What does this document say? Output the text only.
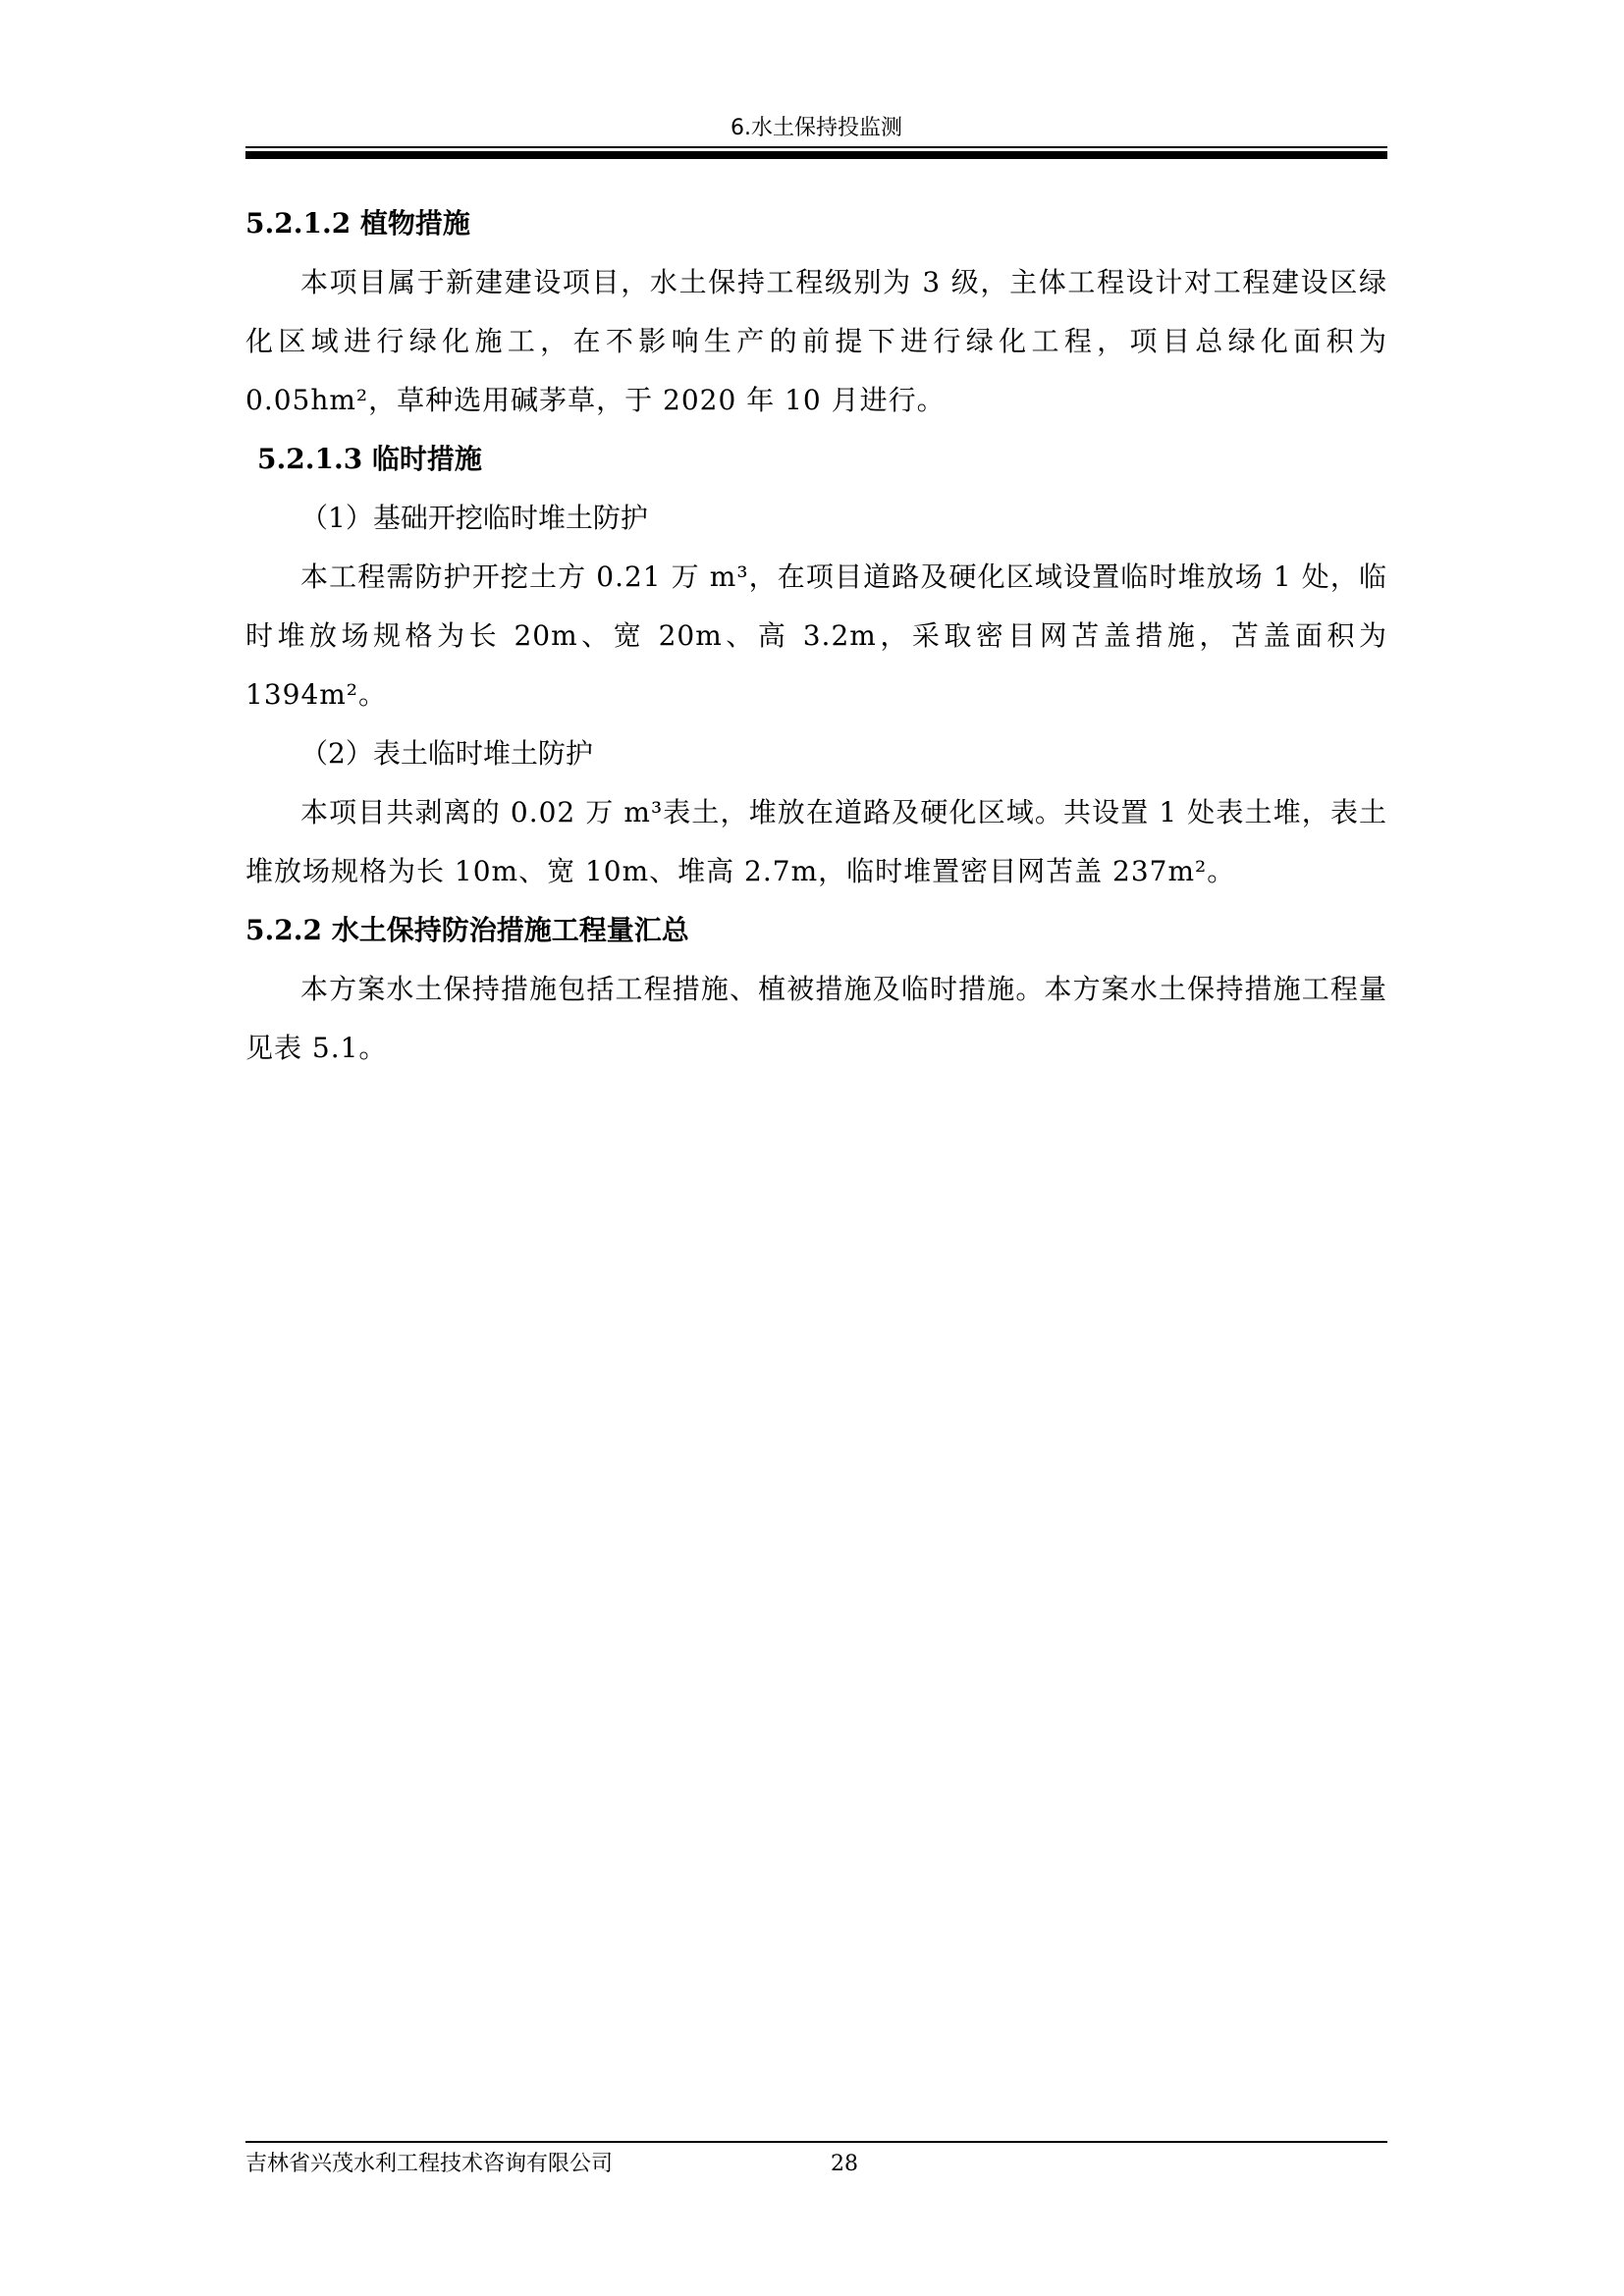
6.水土保持投监测

5.2.1.2 植物措施

本项目属于新建建设项目，水土保持工程级别为 3 级，主体工程设计对工程建设区绿化区域进行绿化施工，在不影响生产的前提下进行绿化工程，项目总绿化面积为 0.05hm²，草种选用碱茅草，于 2020 年 10 月进行。

5.2.1.3 临时措施

（1）基础开挖临时堆土防护

本工程需防护开挖土方 0.21 万 m³，在项目道路及硬化区域设置临时堆放场 1 处，临时堆放场规格为长 20m、宽 20m、高 3.2m，采取密目网苫盖措施，苫盖面积为 1394m²。

（2）表土临时堆土防护

本项目共剥离的 0.02 万 m³表土，堆放在道路及硬化区域。共设置 1 处表土堆，表土堆放场规格为长 10m、宽 10m、堆高 2.7m，临时堆置密目网苫盖 237m²。

5.2.2 水土保持防治措施工程量汇总

本方案水土保持措施包括工程措施、植被措施及临时措施。本方案水土保持措施工程量见表 5.1。

吉林省兴茂水利工程技术咨询有限公司	28
